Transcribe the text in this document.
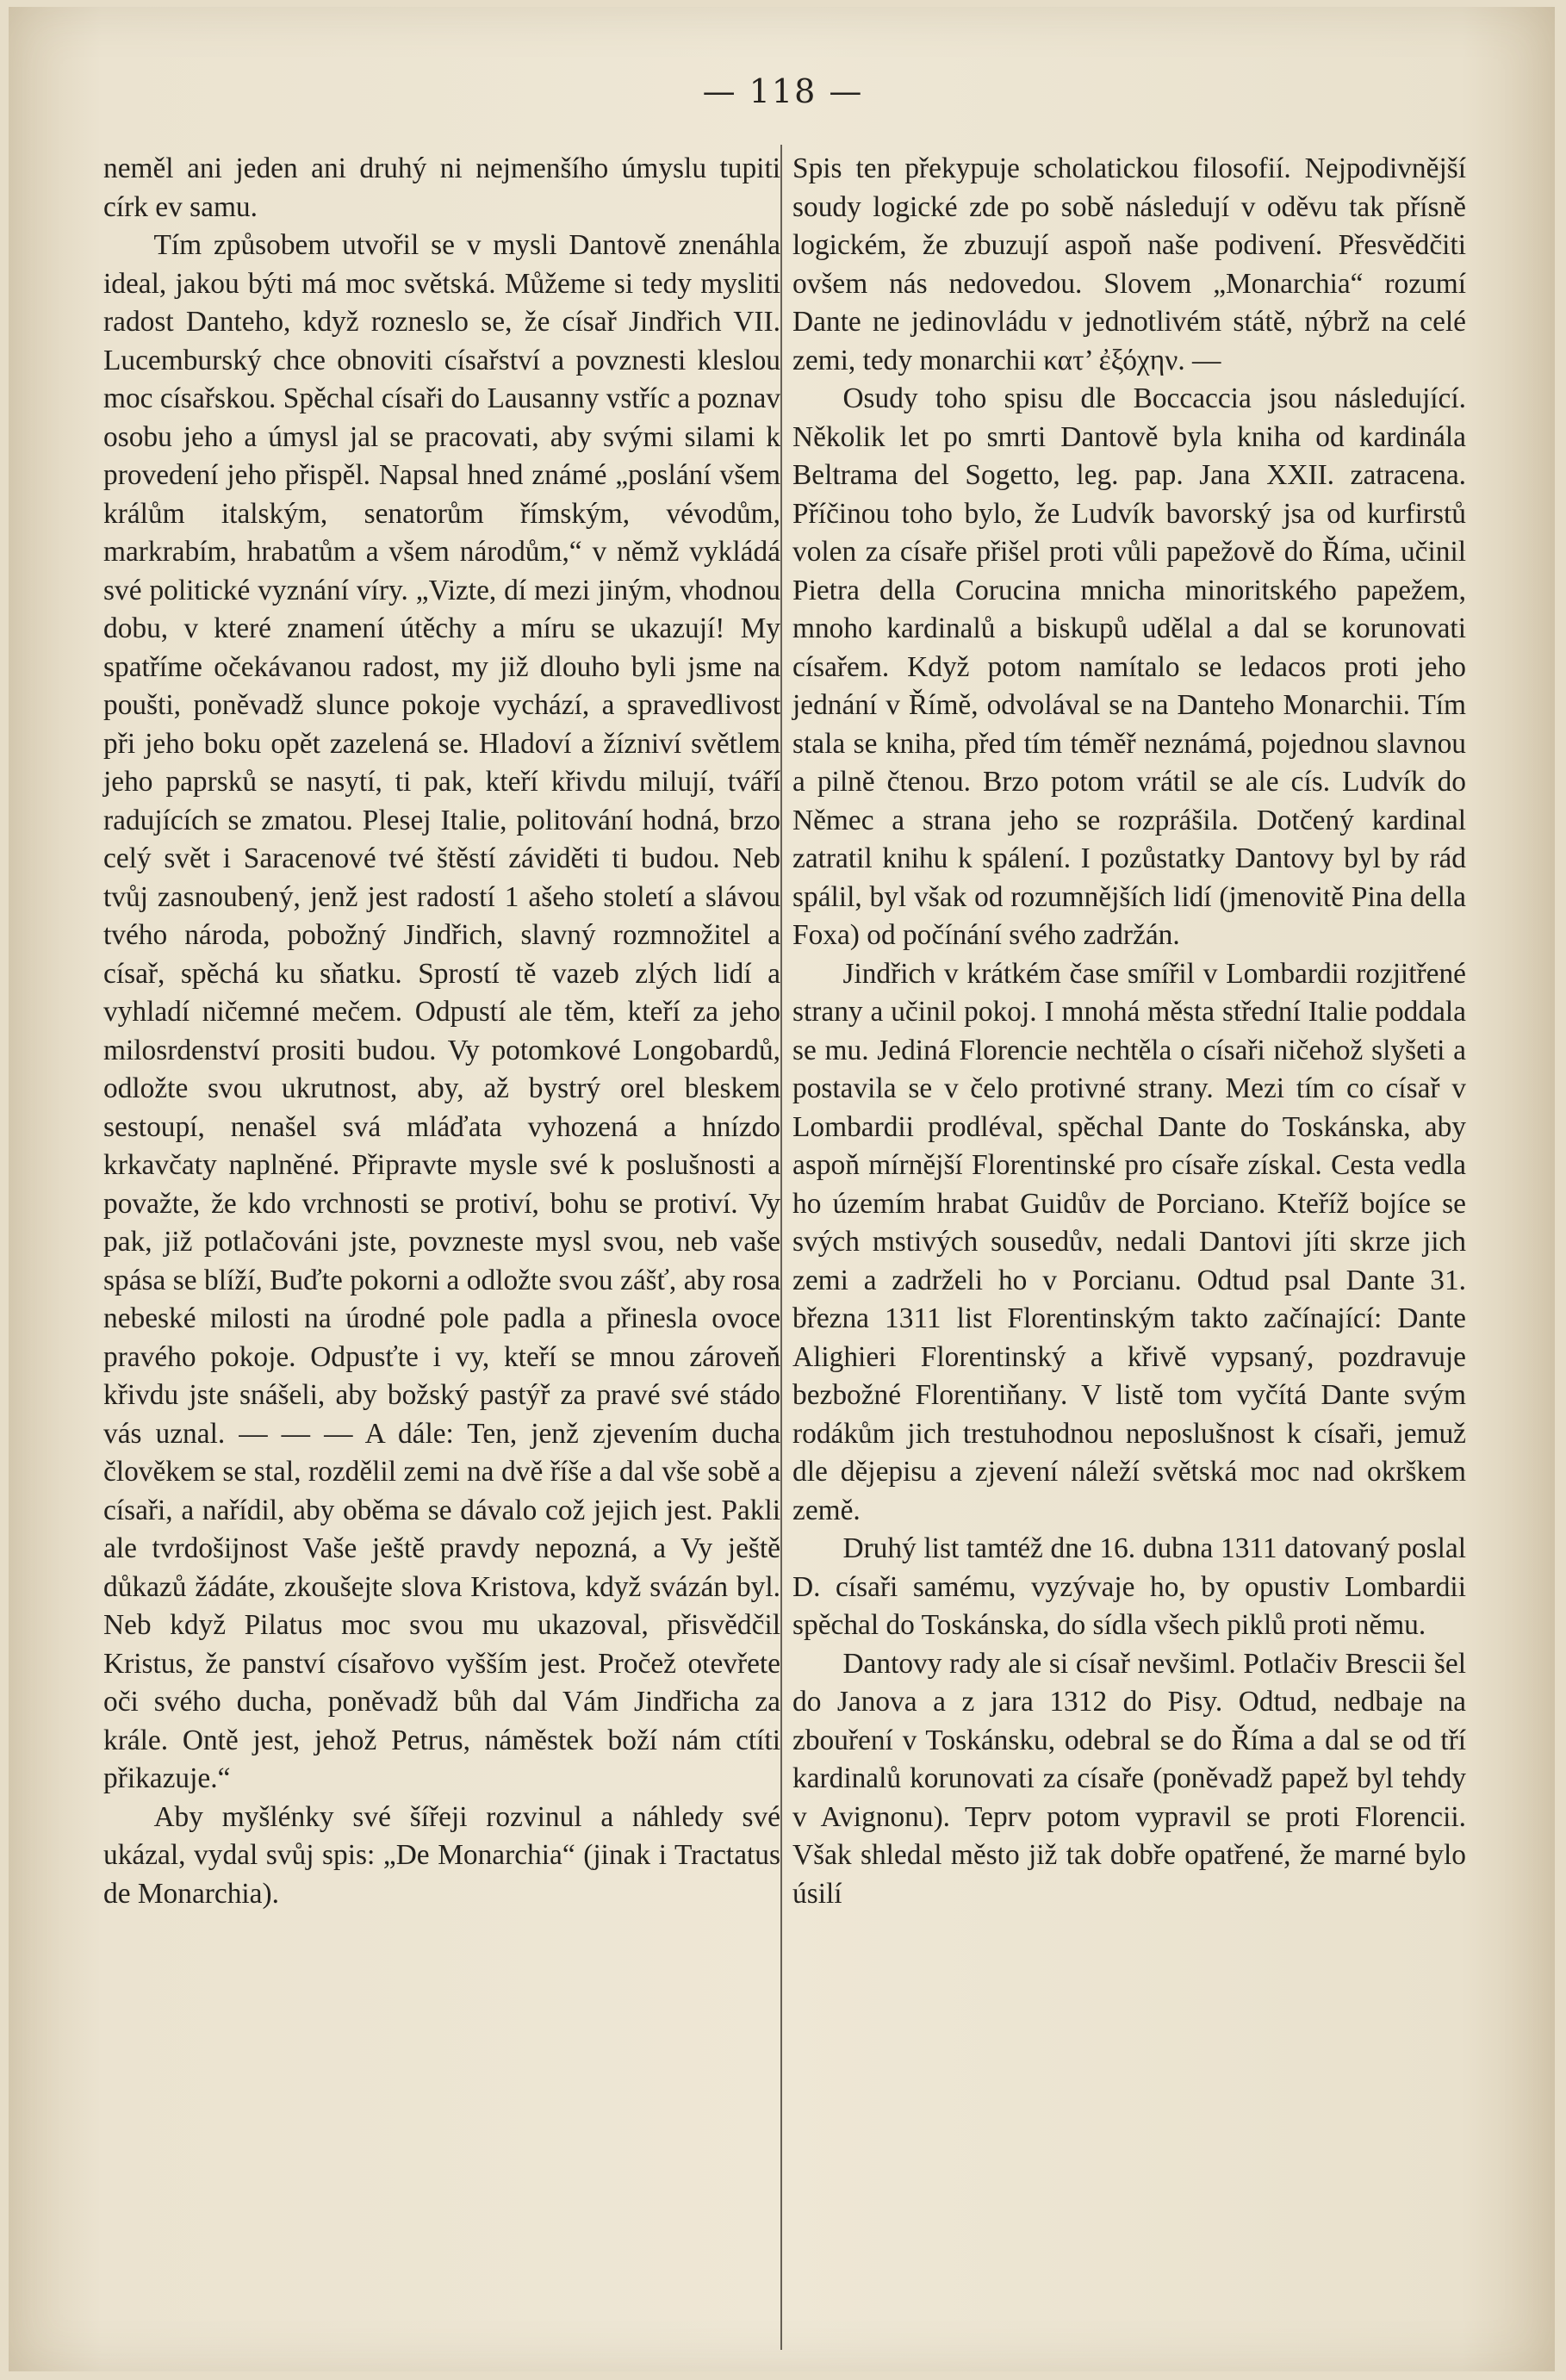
— 118 —

neměl ani jeden ani druhý ni nejmenšího úmyslu tupiti círk ev samu.

Tím způsobem utvořil se v mysli Dantově znenáhla ideal, jakou býti má moc světská. Můžeme si tedy mysliti radost Danteho, když rozneslo se, že císař Jindřich VII. Lucemburský chce obnoviti císařství a povznesti kleslou moc císařskou. Spěchal císaři do Lausanny vstříc a poznav osobu jeho a úmysl jal se pracovati, aby svými silami k provedení jeho přispěl. Napsal hned známé „poslání všem králům italským, senatorům římským, vévodům, markrabím, hrabatům a všem národům,“ v němž vykládá své politické vyznání víry. „Vizte, dí mezi jiným, vhodnou dobu, v které znamení útěchy a míru se ukazují! My spatříme očekávanou radost, my již dlouho byli jsme na poušti, poněvadž slunce pokoje vychází, a spravedlivost při jeho boku opět zazelená se. Hladoví a žízniví světlem jeho paprsků se nasytí, ti pak, kteří křivdu milují, tváří radujících se zmatou. Plesej Italie, politování hodná, brzo celý svět i Saracenové tvé štěstí záviděti ti budou. Neb tvůj zasnoubený, jenž jest radostí 1 ašeho století a slávou tvého národa, pobožný Jindřich, slavný rozmnožitel a císař, spěchá ku sňatku. Sprostí tě vazeb zlých lidí a vyhladí ničemné mečem. Odpustí ale těm, kteří za jeho milosrdenství prositi budou. Vy potomkové Longobardů, odložte svou ukrutnost, aby, až bystrý orel bleskem sestoupí, nenašel svá mláďata vyhozená a hnízdo krkavčaty naplněné. Připravte mysle své k poslušnosti a považte, že kdo vrchnosti se protiví, bohu se protiví. Vy pak, již potlačováni jste, povzneste mysl svou, neb vaše spása se blíží, Buďte pokorni a odložte svou zášť, aby rosa nebeské milosti na úrodné pole padla a přinesla ovoce pravého pokoje. Odpusťte i vy, kteří se mnou zároveň křivdu jste snášeli, aby božský pastýř za pravé své stádo vás uznal. — — — A dále: Ten, jenž zjevením ducha člověkem se stal, rozdělil zemi na dvě říše a dal vše sobě a císaři, a nařídil, aby oběma se dávalo což jejich jest. Pakli ale tvrdošijnost Vaše ještě pravdy nepozná, a Vy ještě důkazů žádáte, zkoušejte slova Kristova, když svázán byl. Neb když Pilatus moc svou mu ukazoval, přisvědčil Kristus, že panství císařovo vyšším jest. Pročež otevřete oči svého ducha, poněvadž bůh dal Vám Jindřicha za krále. Ontě jest, jehož Petrus, náměstek boží nám ctíti přikazuje.“

Aby myšlénky své šířeji rozvinul a náhledy své ukázal, vydal svůj spis: „De Monarchia“ (jinak i Tractatus de Monarchia).

Spis ten překypuje scholatickou filosofií. Nejpodivnější soudy logické zde po sobě následují v oděvu tak přísně logickém, že zbuzují aspoň naše podivení. Přesvědčiti ovšem nás nedovedou. Slovem „Monarchia“ rozumí Dante ne jedinovládu v jednotlivém státě, nýbrž na celé zemi, tedy monarchii κατ’ ἐξόχην. —

Osudy toho spisu dle Boccaccia jsou následující. Několik let po smrti Dantově byla kniha od kardinála Beltrama del Sogetto, leg. pap. Jana XXII. zatracena. Příčinou toho bylo, že Ludvík bavorský jsa od kurfirstů volen za císaře přišel proti vůli papežově do Říma, učinil Pietra della Corucina mnicha minoritského papežem, mnoho kardinalů a biskupů udělal a dal se korunovati císařem. Když potom namítalo se ledacos proti jeho jednání v Římě, odvolával se na Danteho Monarchii. Tím stala se kniha, před tím téměř neznámá, pojednou slavnou a pilně čtenou. Brzo potom vrátil se ale cís. Ludvík do Němec a strana jeho se rozprášila. Dotčený kardinal zatratil knihu k spálení. I pozůstatky Dantovy byl by rád spálil, byl však od rozumnějších lidí (jmenovitě Pina della Foxa) od počínání svého zadržán.

Jindřich v krátkém čase smířil v Lombardii rozjitřené strany a učinil pokoj. I mnohá města střední Italie poddala se mu. Jediná Florencie nechtěla o císaři ničehož slyšeti a postavila se v čelo protivné strany. Mezi tím co císař v Lombardii prodléval, spěchal Dante do Toskánska, aby aspoň mírnější Florentinské pro císaře získal. Cesta vedla ho územím hrabat Guidův de Porciano. Kteříž bojíce se svých mstivých sousedův, nedali Dantovi jíti skrze jich zemi a zadrželi ho v Porcianu. Odtud psal Dante 31. března 1311 list Florentinským takto začínající: Dante Alighieri Florentinský a křivě vypsaný, pozdravuje bezbožné Florentiňany. V listě tom vyčítá Dante svým rodákům jich trestuhodnou neposlušnost k císaři, jemuž dle dějepisu a zjevení náleží světská moc nad okrškem země.

Druhý list tamtéž dne 16. dubna 1311 datovaný poslal D. císaři samému, vyzývaje ho, by opustiv Lombardii spěchal do Toskánska, do sídla všech piklů proti němu.

Dantovy rady ale si císař nevšiml. Potlačiv Brescii šel do Janova a z jara 1312 do Pisy. Odtud, nedbaje na zbouření v Toskánsku, odebral se do Říma a dal se od tří kardinalů korunovati za císaře (poněvadž papež byl tehdy v Avignonu). Teprv potom vypravil se proti Florencii. Však shledal město již tak dobře opatřené, že marné bylo úsilí
